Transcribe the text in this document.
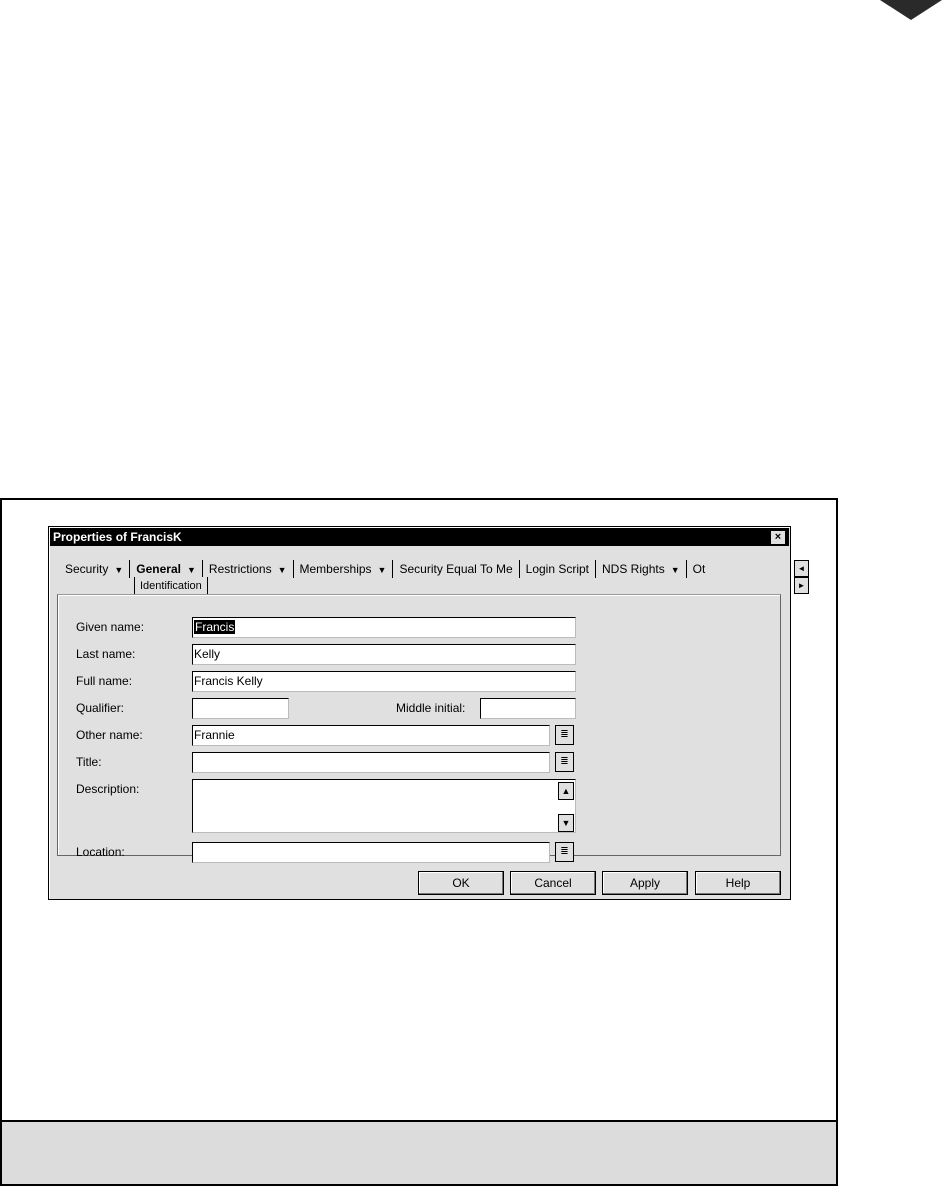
Properties of FrancisK	×
Security ▼ General ▼ Restrictions ▼ Memberships ▼ Security Equal To Me Login Script NDS Rights ▼ Ot	◄►
Identification
Given name:	Francis
Last name:	Kelly
Full name:	Francis Kelly
Qualifier:	Middle initial:
Other name:	Frannie	≣
Title:	≣
Description:	▲
▼
Location:	≣
OK	Cancel	Apply	Help
